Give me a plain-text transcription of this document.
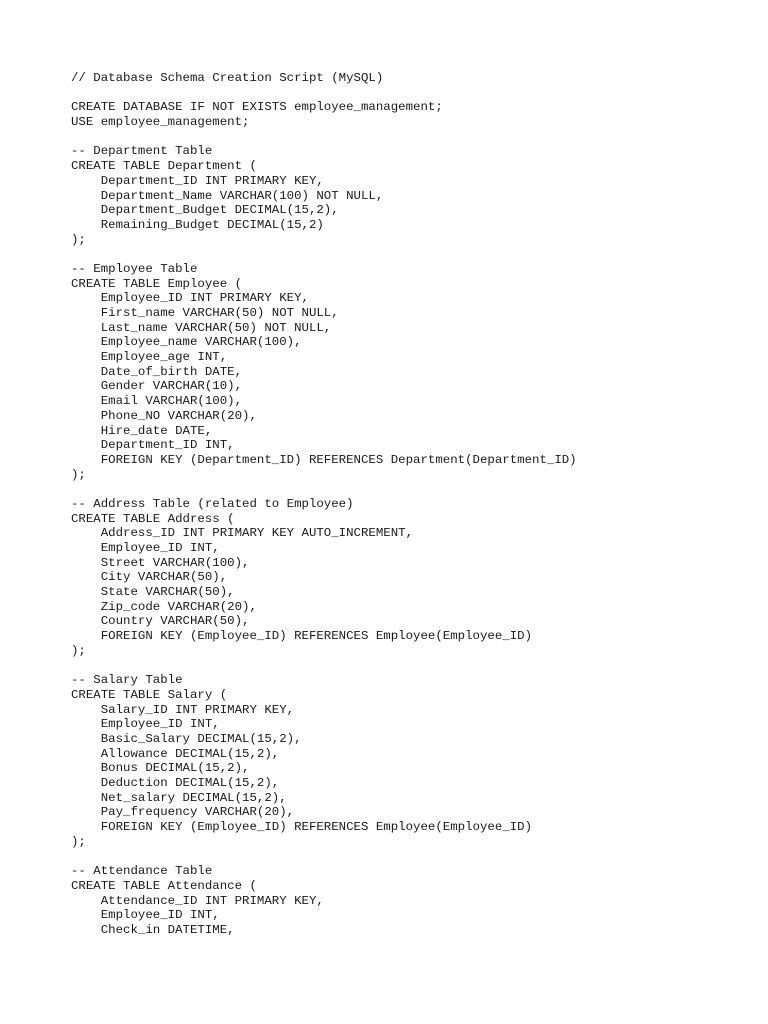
// Database Schema Creation Script (MySQL)
CREATE DATABASE IF NOT EXISTS employee_management;
USE employee_management;
-- Department Table
CREATE TABLE Department (
Department_ID INT PRIMARY KEY,
Department_Name VARCHAR(100) NOT NULL,
Department_Budget DECIMAL(15,2),
Remaining_Budget DECIMAL(15,2)
);
-- Employee Table
CREATE TABLE Employee (
Employee_ID INT PRIMARY KEY,
First_name VARCHAR(50) NOT NULL,
Last_name VARCHAR(50) NOT NULL,
Employee_name VARCHAR(100),
Employee_age INT,
Date_of_birth DATE,
Gender VARCHAR(10),
Email VARCHAR(100),
Phone_NO VARCHAR(20),
Hire_date DATE,
Department_ID INT,
FOREIGN KEY (Department_ID) REFERENCES Department(Department_ID)
);
-- Address Table (related to Employee)
CREATE TABLE Address (
Address_ID INT PRIMARY KEY AUTO_INCREMENT,
Employee_ID INT,
Street VARCHAR(100),
City VARCHAR(50),
State VARCHAR(50),
Zip_code VARCHAR(20),
Country VARCHAR(50),
FOREIGN KEY (Employee_ID) REFERENCES Employee(Employee_ID)
);
-- Salary Table
CREATE TABLE Salary (
Salary_ID INT PRIMARY KEY,
Employee_ID INT,
Basic_Salary DECIMAL(15,2),
Allowance DECIMAL(15,2),
Bonus DECIMAL(15,2),
Deduction DECIMAL(15,2),
Net_salary DECIMAL(15,2),
Pay_frequency VARCHAR(20),
FOREIGN KEY (Employee_ID) REFERENCES Employee(Employee_ID)
);
-- Attendance Table
CREATE TABLE Attendance (
Attendance_ID INT PRIMARY KEY,
Employee_ID INT,
Check_in DATETIME,
